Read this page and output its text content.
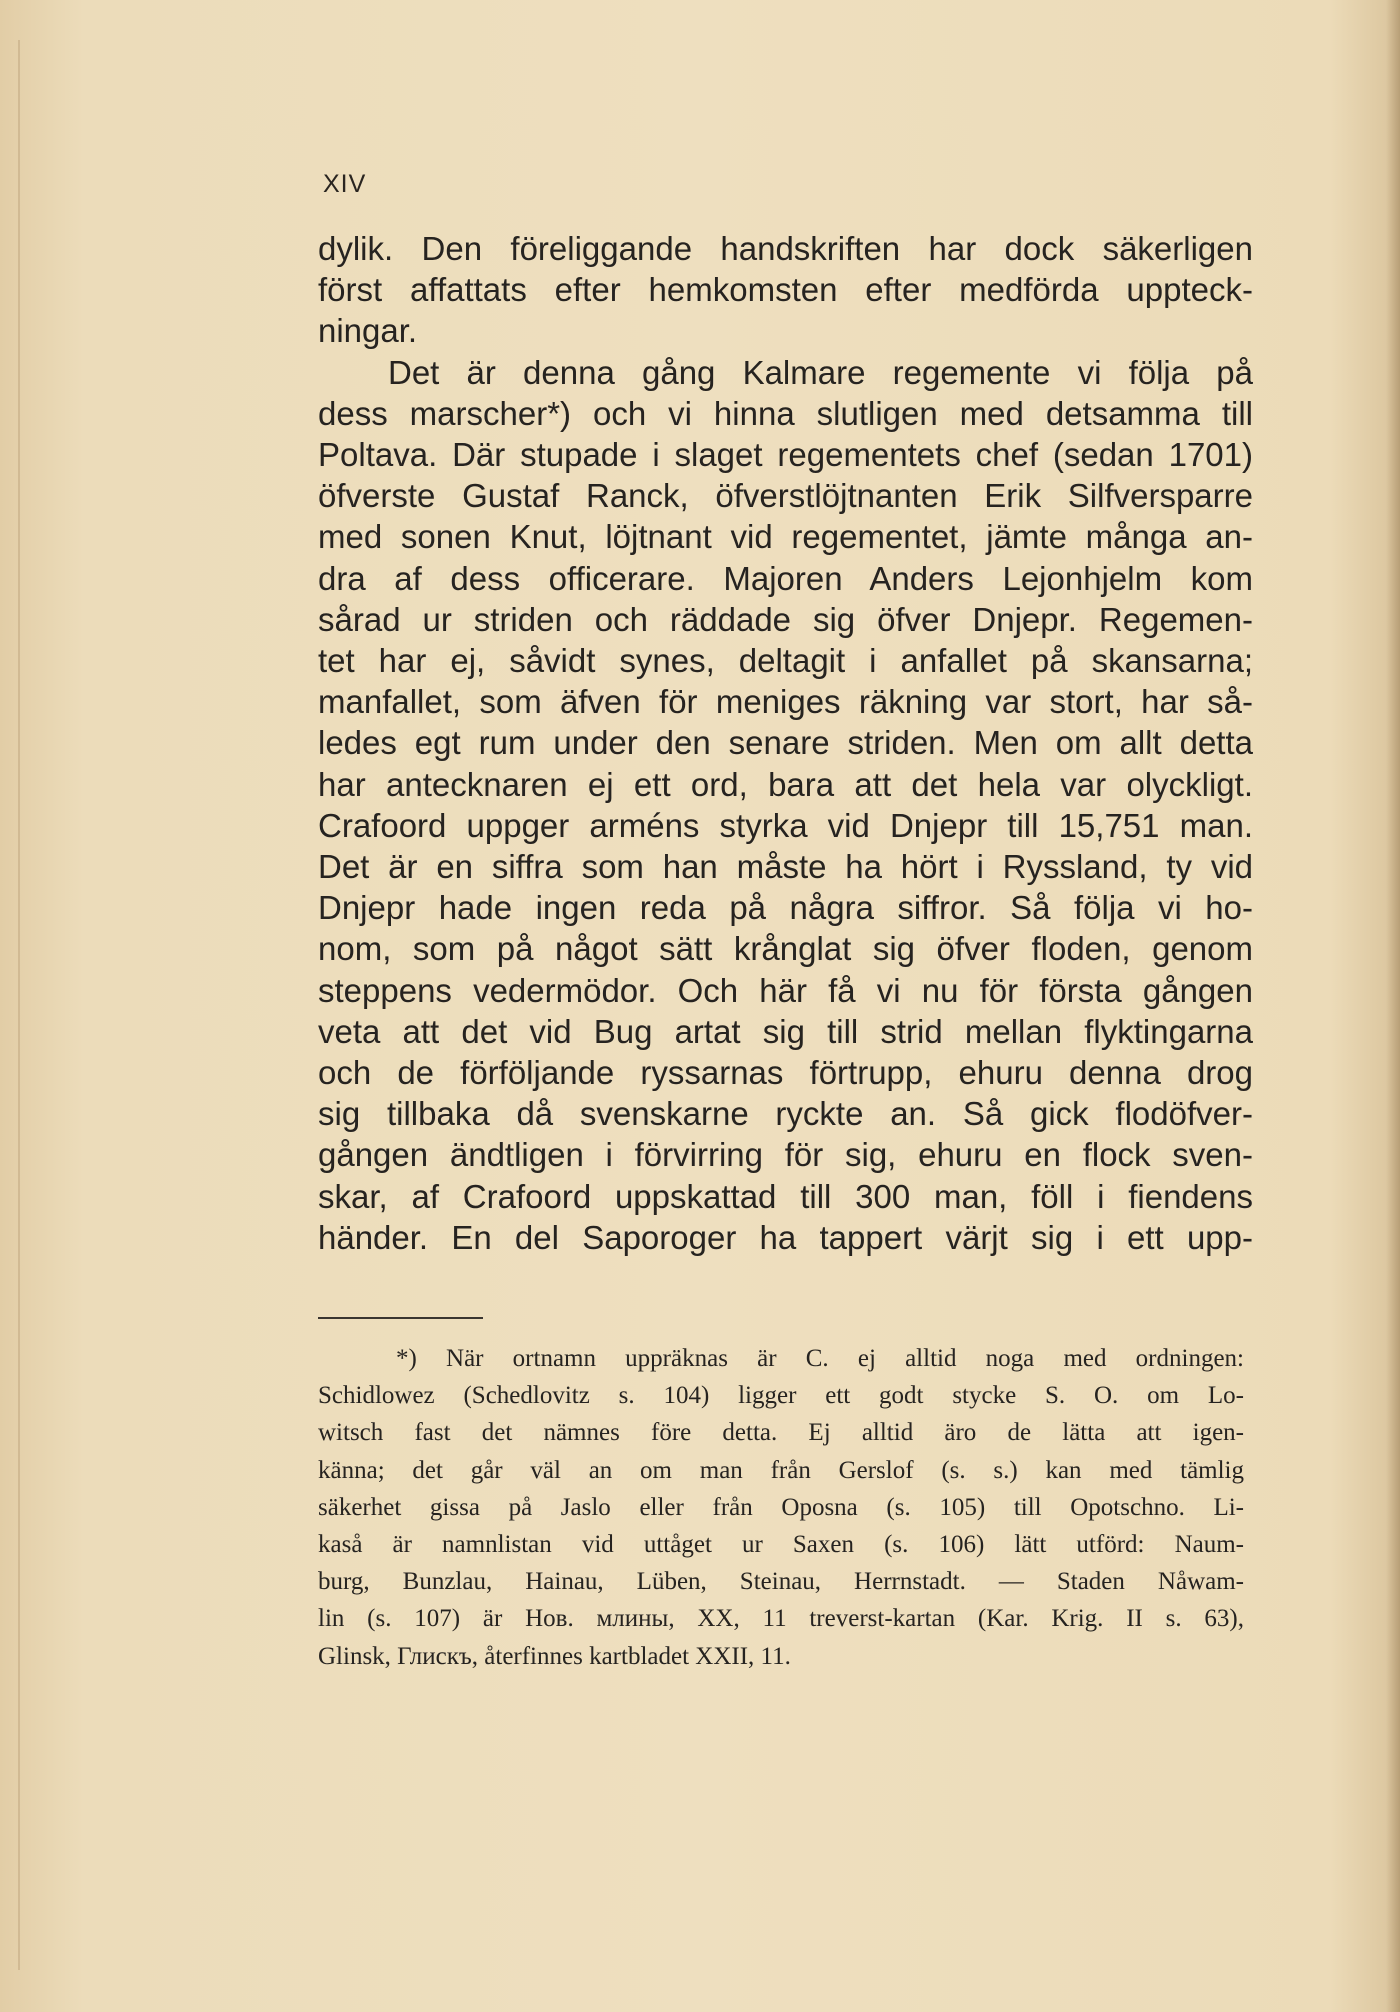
XIV
dylik. Den föreliggande handskriften har dock säkerligen
först affattats efter hemkomsten efter medförda uppteck-
ningar.
Det är denna gång Kalmare regemente vi följa på
dess marscher*) och vi hinna slutligen med detsamma till
Poltava. Där stupade i slaget regementets chef (sedan 1701)
öfverste Gustaf Ranck, öfverstlöjtnanten Erik Silfversparre
med sonen Knut, löjtnant vid regementet, jämte många an-
dra af dess officerare. Majoren Anders Lejonhjelm kom
sårad ur striden och räddade sig öfver Dnjepr. Regemen-
tet har ej, såvidt synes, deltagit i anfallet på skansarna;
manfallet, som äfven för meniges räkning var stort, har så-
ledes egt rum under den senare striden. Men om allt detta
har antecknaren ej ett ord, bara att det hela var olyckligt.
Crafoord uppger arméns styrka vid Dnjepr till 15,751 man.
Det är en siffra som han måste ha hört i Ryssland, ty vid
Dnjepr hade ingen reda på några siffror. Så följa vi ho-
nom, som på något sätt krånglat sig öfver floden, genom
steppens vedermödor. Och här få vi nu för första gången
veta att det vid Bug artat sig till strid mellan flyktingarna
och de förföljande ryssarnas förtrupp, ehuru denna drog
sig tillbaka då svenskarne ryckte an. Så gick flodöfver-
gången ändtligen i förvirring för sig, ehuru en flock sven-
skar, af Crafoord uppskattad till 300 man, föll i fiendens
händer. En del Saporoger ha tappert värjt sig i ett upp-
*) När ortnamn uppräknas är C. ej alltid noga med ordningen:
Schidlowez (Schedlovitz s. 104) ligger ett godt stycke S. O. om Lo-
witsch fast det nämnes före detta. Ej alltid äro de lätta att igen-
känna; det går väl an om man från Gerslof (s. s.) kan med tämlig
säkerhet gissa på Jaslo eller från Oposna (s. 105) till Opotschno. Li-
kaså är namnlistan vid uttåget ur Saxen (s. 106) lätt utförd: Naum-
burg, Bunzlau, Hainau, Lüben, Steinau, Herrnstadt. — Staden Nåwam-
lin (s. 107) är Нов. млины, XX, 11 treverst-kartan (Kar. Krig. II s. 63),
Glinsk, Глискъ, återfinnes kartbladet XXII, 11.
